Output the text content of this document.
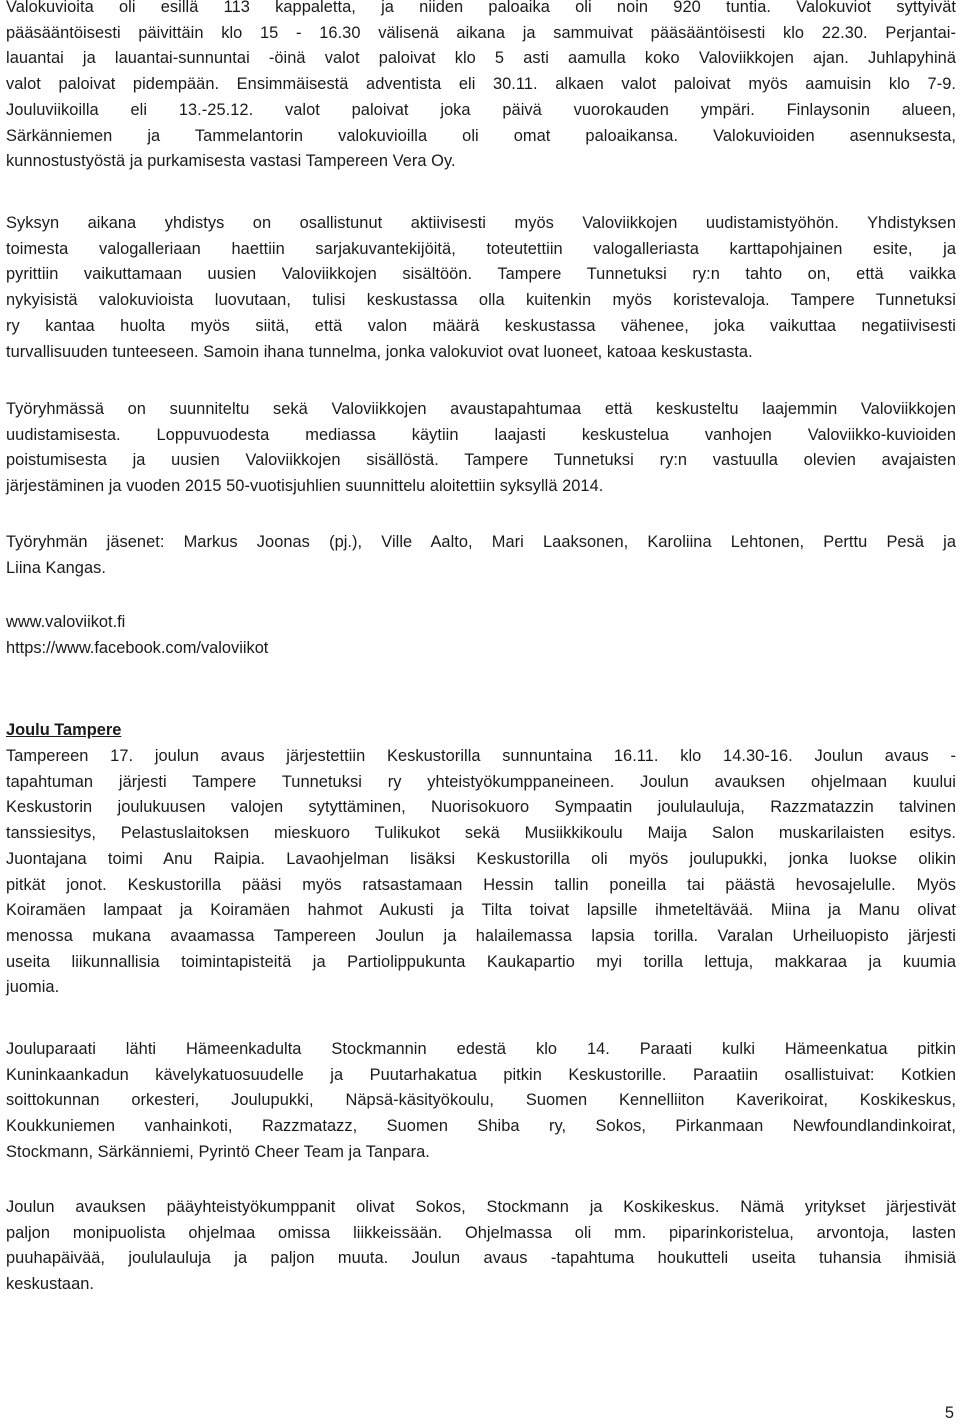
Valokuvioita oli esillä 113 kappaletta, ja niiden paloaika oli noin 920 tuntia. Valokuviot syttyivät
pääsääntöisesti päivittäin klo 15 - 16.30 välisenä aikana ja sammuivat pääsääntöisesti klo 22.30. Perjantai-
lauantai ja lauantai-sunnuntai -öinä valot paloivat klo 5 asti aamulla koko Valoviikkojen ajan. Juhlapyhinä
valot paloivat pidempään. Ensimmäisestä adventista eli 30.11. alkaen valot paloivat myös aamuisin klo 7-9.
Jouluviikoilla eli 13.-25.12. valot paloivat joka päivä vuorokauden ympäri. Finlaysonin alueen,
Särkänniemen ja Tammelantorin valokuvioilla oli omat paloaikansa. Valokuvioiden asennuksesta,
kunnostustyöstä ja purkamisesta vastasi Tampereen Vera Oy.

Syksyn aikana yhdistys on osallistunut aktiivisesti myös Valoviikkojen uudistamistyöhön. Yhdistyksen
toimesta valogalleriaan haettiin sarjakuvantekijöitä, toteutettiin valogalleriasta karttapohjainen esite, ja
pyrittiin vaikuttamaan uusien Valoviikkojen sisältöön. Tampere Tunnetuksi ry:n tahto on, että vaikka
nykyisistä valokuvioista luovutaan, tulisi keskustassa olla kuitenkin myös koristevaloja. Tampere Tunnetuksi
ry kantaa huolta myös siitä, että valon määrä keskustassa vähenee, joka vaikuttaa negatiivisesti
turvallisuuden tunteeseen. Samoin ihana tunnelma, jonka valokuviot ovat luoneet, katoaa keskustasta.

Työryhmässä on suunniteltu sekä Valoviikkojen avaustapahtumaa että keskusteltu laajemmin Valoviikkojen
uudistamisesta. Loppuvuodesta mediassa käytiin laajasti keskustelua vanhojen Valoviikko-kuvioiden
poistumisesta ja uusien Valoviikkojen sisällöstä. Tampere Tunnetuksi ry:n vastuulla olevien avajaisten
järjestäminen ja vuoden 2015 50-vuotisjuhlien suunnittelu aloitettiin syksyllä 2014.

Työryhmän jäsenet: Markus Joonas (pj.), Ville Aalto, Mari Laaksonen, Karoliina Lehtonen, Perttu Pesä ja
Liina Kangas.

www.valoviikot.fi
https://www.facebook.com/valoviikot
Joulu Tampere

Tampereen 17. joulun avaus järjestettiin Keskustorilla sunnuntaina 16.11. klo 14.30-16. Joulun avaus -
tapahtuman järjesti Tampere Tunnetuksi ry yhteistyökumppaneineen. Joulun avauksen ohjelmaan kuului
Keskustorin joulukuusen valojen sytyttäminen, Nuorisokuoro Sympaatin joululauluja, Razzmatazzin talvinen
tanssiesitys, Pelastuslaitoksen mieskuoro Tulikukot sekä Musiikkikoulu Maija Salon muskarilaisten esitys.
Juontajana toimi Anu Raipia. Lavaohjelman lisäksi Keskustorilla oli myös joulupukki, jonka luokse olikin
pitkät jonot. Keskustorilla pääsi myös ratsastamaan Hessin tallin poneilla tai päästä hevosajelulle. Myös
Koiramäen lampaat ja Koiramäen hahmot Aukusti ja Tilta toivat lapsille ihmeteltävää. Miina ja Manu olivat
menossa mukana avaamassa Tampereen Joulun ja halailemassa lapsia torilla. Varalan Urheiluopisto järjesti
useita liikunnallisia toimintapisteitä ja Partiolippukunta Kaukapartio myi torilla lettuja, makkaraa ja kuumia
juomia.

Jouluparaati lähti Hämeenkadulta Stockmannin edestä klo 14. Paraati kulki Hämeenkatua pitkin
Kuninkaankadun kävelykatuosuudelle ja Puutarhakatua pitkin Keskustorille. Paraatiin osallistuivat: Kotkien
soittokunnan orkesteri, Joulupukki, Näpsä-käsityökoulu, Suomen Kennelliiton Kaverikoirat, Koskikeskus,
Koukkuniemen vanhainkoti, Razzmatazz, Suomen Shiba ry, Sokos, Pirkanmaan Newfoundlandinkoirat,
Stockmann, Särkänniemi, Pyrintö Cheer Team ja Tanpara.

Joulun avauksen pääyhteistyökumppanit olivat Sokos, Stockmann ja Koskikeskus. Nämä yritykset järjestivät
paljon monipuolista ohjelmaa omissa liikkeissään. Ohjelmassa oli mm. piparinkoristelua, arvontoja, lasten
puuhapäivää, joululauluja ja paljon muuta. Joulun avaus -tapahtuma houkutteli useita tuhansia ihmisiä
keskustaan.

5
